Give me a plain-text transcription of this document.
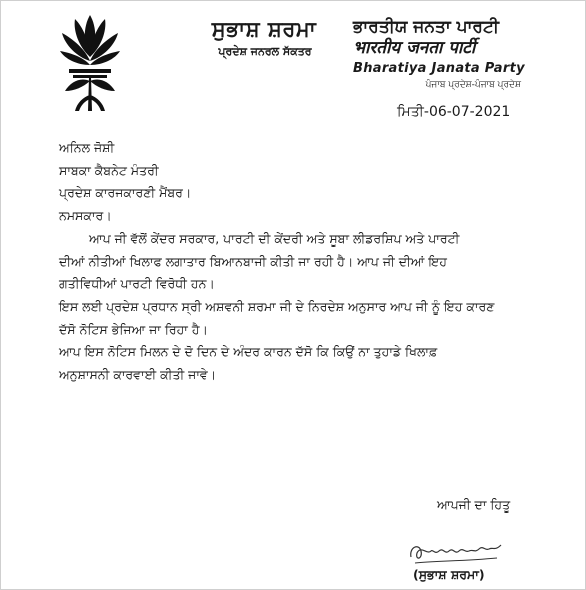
ਸੁਭਾਸ਼ ਸ਼ਰਮਾ
ਪ੍ਰਦੇਸ਼ ਜਨਰਲ ਸੱਕਤਰ
ਭਾਰਤੀਯ ਜਨਤਾ ਪਾਰਟੀ
भारतीय जनता पार्टी
Bharatiya Janata Party
ਪੰਜਾਬ ਪ੍ਰਦੇਸ਼-ਪੰਜਾਬ ਪ੍ਰਦੇਸ਼
ਮਿਤੀ-06-07-2021
ਅਨਿਲ ਜੋਸ਼ੀ
ਸਾਬਕਾ ਕੈਬਨੇਟ ਮੰਤਰੀ
ਪ੍ਰਦੇਸ਼ ਕਾਰਜਕਾਰਣੀ ਮੈਂਬਰ।
ਨਮਸਕਾਰ।
ਆਪ ਜੀ ਵੱਲੋਂ ਕੇਂਦਰ ਸਰਕਾਰ, ਪਾਰਟੀ ਦੀ ਕੇਂਦਰੀ ਅਤੇ ਸੂਬਾ ਲੀਡਰਸ਼ਿਪ ਅਤੇ ਪਾਰਟੀ
ਦੀਆਂ ਨੀਤੀਆਂ ਖਿਲਾਫ ਲਗਾਤਾਰ ਬਿਆਨਬਾਜੀ ਕੀਤੀ ਜਾ ਰਹੀ ਹੈ। ਆਪ ਜੀ ਦੀਆਂ ਇਹ
ਗਤੀਵਿਧੀਆਂ ਪਾਰਟੀ ਵਿਰੋਧੀ ਹਨ।
ਇਸ ਲਈ ਪ੍ਰਦੇਸ਼ ਪ੍ਰਧਾਨ ਸ੍ਰੀ ਅਸ਼ਵਨੀ ਸ਼ਰਮਾ ਜੀ ਦੇ ਨਿਰਦੇਸ਼ ਅਨੁਸਾਰ ਆਪ ਜੀ ਨੂੰ ਇਹ ਕਾਰਣ
ਦੱਸੋ ਨੋਟਿਸ ਭੇਜਿਆ ਜਾ ਰਿਹਾ ਹੈ।
ਆਪ ਇਸ ਨੋਟਿਸ ਮਿਲਨ ਦੇ ਦੋ ਦਿਨ ਦੇ ਅੰਦਰ ਕਾਰਨ ਦੱਸੋ ਕਿ ਕਿਉਂ ਨਾ ਤੁਹਾਡੇ ਖਿਲਾਫ਼
ਅਨੁਸ਼ਾਸਨੀ ਕਾਰਵਾਈ ਕੀਤੀ ਜਾਵੇ।
ਆਪਜੀ ਦਾ ਹਿਤੂ
(ਸੁਭਾਸ਼ ਸ਼ਰਮਾ)
